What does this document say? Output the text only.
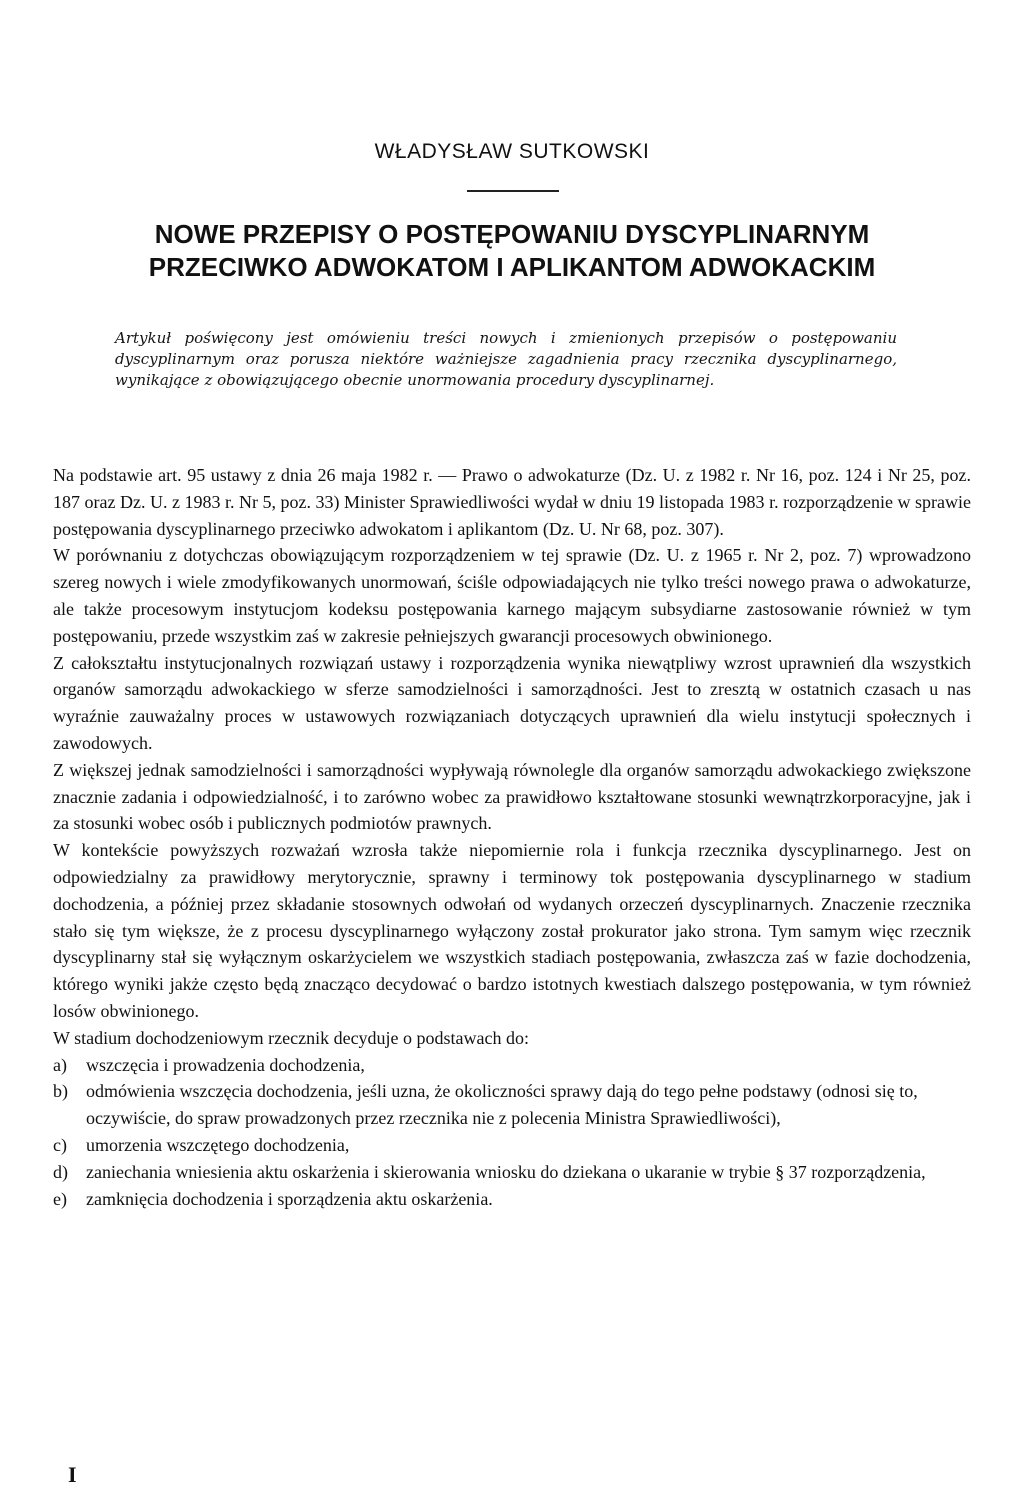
WŁADYSŁAW SUTKOWSKI
NOWE PRZEPISY O POSTĘPOWANIU DYSCYPLINARNYM
PRZECIWKO ADWOKATOM I APLIKANTOM ADWOKACKIM
Artykuł poświęcony jest omówieniu treści nowych i zmienionych przepisów o postępowaniu dyscyplinarnym oraz porusza niektóre ważniejsze zagadnienia pracy rzecznika dyscyplinarnego, wynikające z obowiązującego obecnie unormowania procedury dyscyplinarnej.

Na podstawie art. 95 ustawy z dnia 26 maja 1982 r. — Prawo o adwokaturze (Dz. U. z 1982 r. Nr 16, poz. 124 i Nr 25, poz. 187 oraz Dz. U. z 1983 r. Nr 5, poz. 33) Minister Sprawiedliwości wydał w dniu 19 listopada 1983 r. rozporządzenie w sprawie postępowania dyscyplinarnego przeciwko adwokatom i aplikantom (Dz. U. Nr 68, poz. 307).

W porównaniu z dotychczas obowiązującym rozporządzeniem w tej sprawie (Dz. U. z 1965 r. Nr 2, poz. 7) wprowadzono szereg nowych i wiele zmodyfikowanych unormowań, ściśle odpowiadających nie tylko treści nowego prawa o adwokaturze, ale także procesowym instytucjom kodeksu postępowania karnego mającym subsydiarne zastosowanie również w tym postępowaniu, przede wszystkim zaś w zakresie pełniejszych gwarancji procesowych obwinionego.

Z całokształtu instytucjonalnych rozwiązań ustawy i rozporządzenia wynika niewątpliwy wzrost uprawnień dla wszystkich organów samorządu adwokackiego w sferze samodzielności i samorządności. Jest to zresztą w ostatnich czasach u nas wyraźnie zauważalny proces w ustawowych rozwiązaniach dotyczących uprawnień dla wielu instytucji społecznych i zawodowych.

Z większej jednak samodzielności i samorządności wypływają równolegle dla organów samorządu adwokackiego zwiększone znacznie zadania i odpowiedzialność, i to zarówno wobec za prawidłowo kształtowane stosunki wewnątrzkorporacyjne, jak i za stosunki wobec osób i publicznych podmiotów prawnych.

W kontekście powyższych rozważań wzrosła także niepomiernie rola i funkcja rzecznika dyscyplinarnego. Jest on odpowiedzialny za prawidłowy merytorycznie, sprawny i terminowy tok postępowania dyscyplinarnego w stadium dochodzenia, a później przez składanie stosownych odwołań od wydanych orzeczeń dyscyplinarnych. Znaczenie rzecznika stało się tym większe, że z procesu dyscyplinarnego wyłączony został prokurator jako strona. Tym samym więc rzecznik dyscyplinarny stał się wyłącznym oskarżycielem we wszystkich stadiach postępowania, zwłaszcza zaś w fazie dochodzenia, którego wyniki jakże często będą znacząco decydować o bardzo istotnych kwestiach dalszego postępowania, w tym również losów obwinionego.

W stadium dochodzeniowym rzecznik decyduje o podstawach do:

a) wszczęcia i prowadzenia dochodzenia,
b) odmówienia wszczęcia dochodzenia, jeśli uzna, że okoliczności sprawy dają do tego pełne podstawy (odnosi się to, oczywiście, do spraw prowadzonych przez rzecznika nie z polecenia Ministra Sprawiedliwości),
c) umorzenia wszczętego dochodzenia,
d) zaniechania wniesienia aktu oskarżenia i skierowania wniosku do dziekana o ukaranie w trybie § 37 rozporządzenia,
e) zamknięcia dochodzenia i sporządzenia aktu oskarżenia.
I
